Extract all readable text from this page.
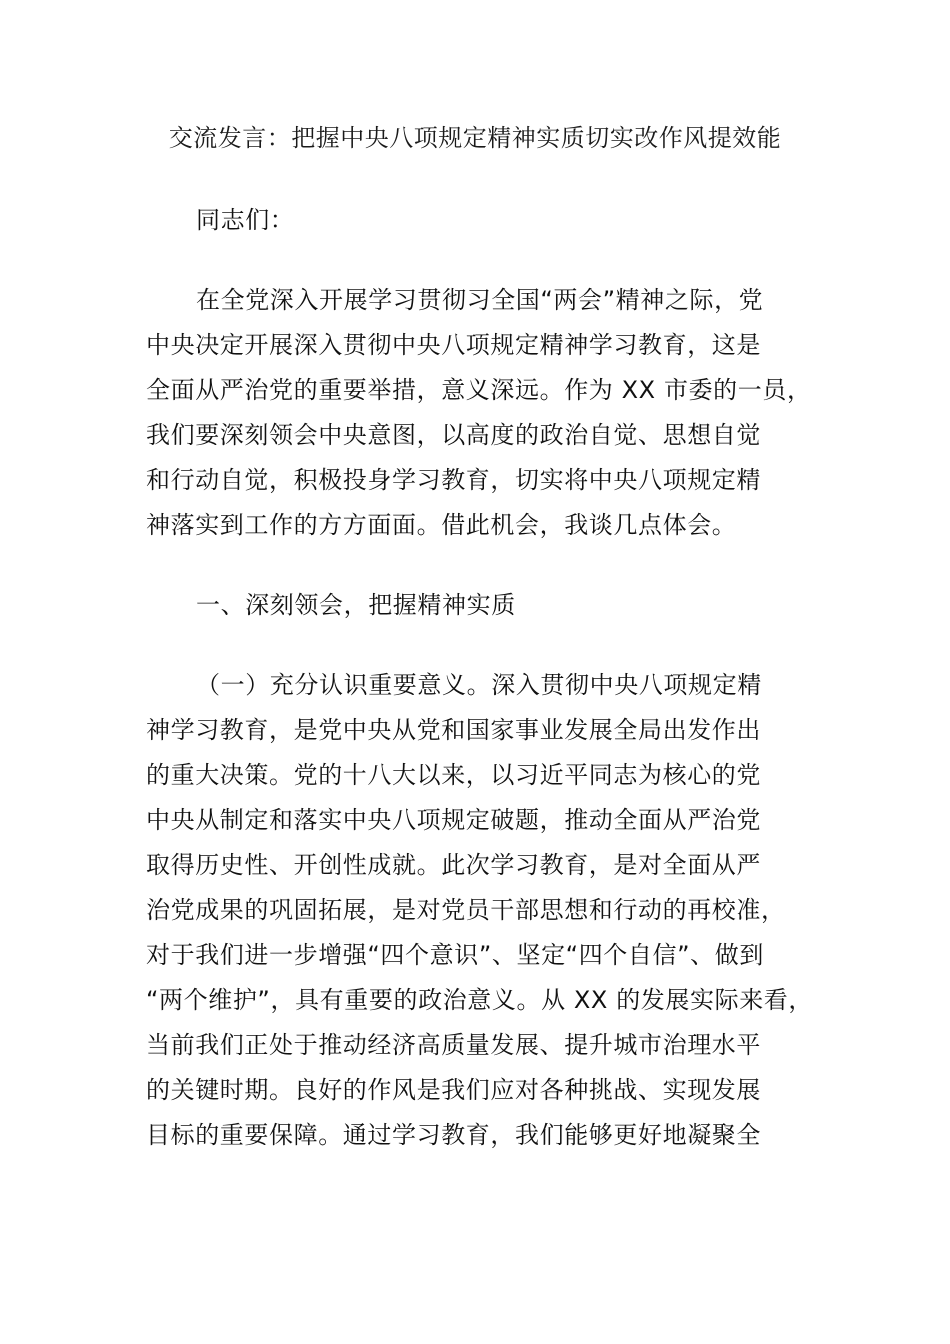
交流发言：把握中央八项规定精神实质切实改作风提效能
同志们：
在全党深入开展学习贯彻习全国“两会”精神之际，党
中央决定开展深入贯彻中央八项规定精神学习教育，这是
全面从严治党的重要举措，意义深远。作为 XX 市委的一员，
我们要深刻领会中央意图，以高度的政治自觉、思想自觉
和行动自觉，积极投身学习教育，切实将中央八项规定精
神落实到工作的方方面面。借此机会，我谈几点体会。
一、深刻领会，把握精神实质
（一）充分认识重要意义。深入贯彻中央八项规定精
神学习教育，是党中央从党和国家事业发展全局出发作出
的重大决策。党的十八大以来，以习近平同志为核心的党
中央从制定和落实中央八项规定破题，推动全面从严治党
取得历史性、开创性成就。此次学习教育，是对全面从严
治党成果的巩固拓展，是对党员干部思想和行动的再校准，
对于我们进一步增强“四个意识”、坚定“四个自信”、做到
“两个维护”，具有重要的政治意义。从 XX 的发展实际来看，
当前我们正处于推动经济高质量发展、提升城市治理水平
的关键时期。良好的作风是我们应对各种挑战、实现发展
目标的重要保障。通过学习教育，我们能够更好地凝聚全
